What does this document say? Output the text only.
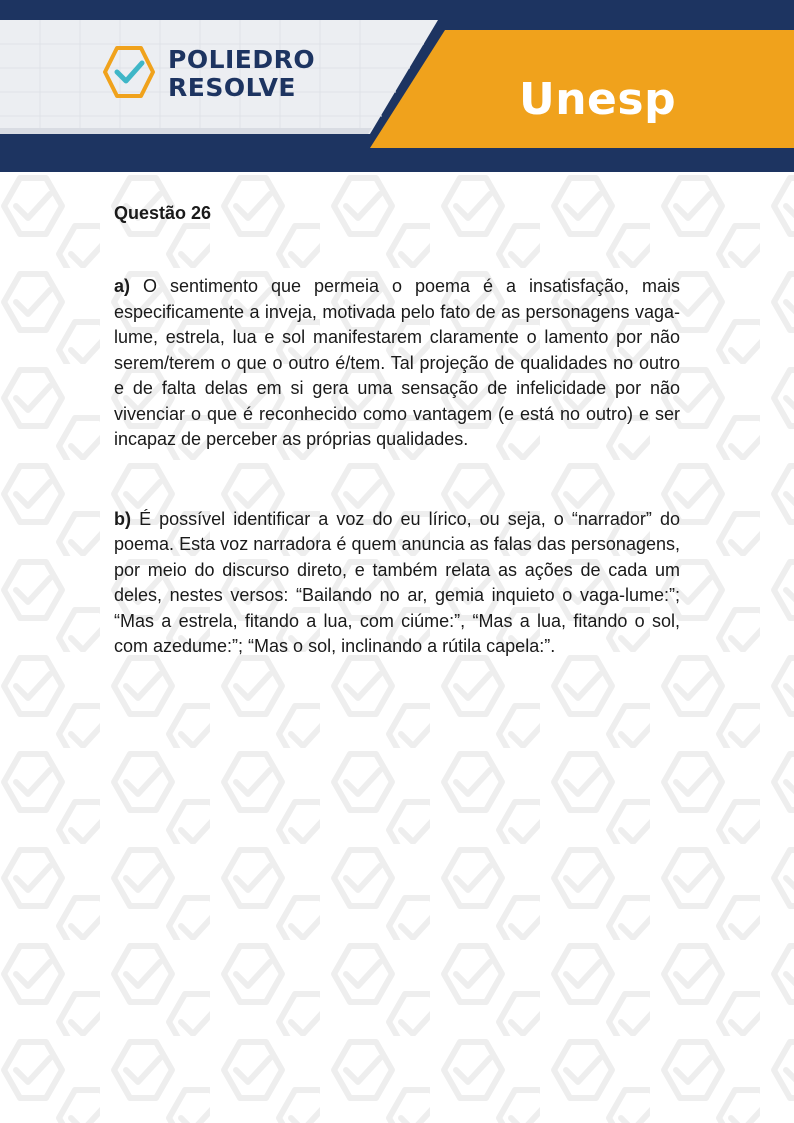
POLIEDRO
RESOLVE	Unesp
Questão 26

a) O sentimento que permeia o poema é a insatisfação, mais especificamente a inveja, motivada pelo fato de as personagens vaga-lume, estrela, lua e sol manifestarem claramente o lamento por não serem/terem o que o outro é/tem. Tal projeção de qualidades no outro e de falta delas em si gera uma sensação de infelicidade por não vivenciar o que é reconhecido como vantagem (e está no outro) e ser incapaz de perceber as próprias qualidades.

b) É possível identificar a voz do eu lírico, ou seja, o “narrador” do poema. Esta voz narradora é quem anuncia as falas das personagens, por meio do discurso direto, e também relata as ações de cada um deles, nestes versos: “Bailando no ar, gemia inquieto o vaga-lume:”; “Mas a estrela, fitando a lua, com ciúme:”, “Mas a lua, fitando o sol, com azedume:”; “Mas o sol, inclinando a rútila capela:”.
